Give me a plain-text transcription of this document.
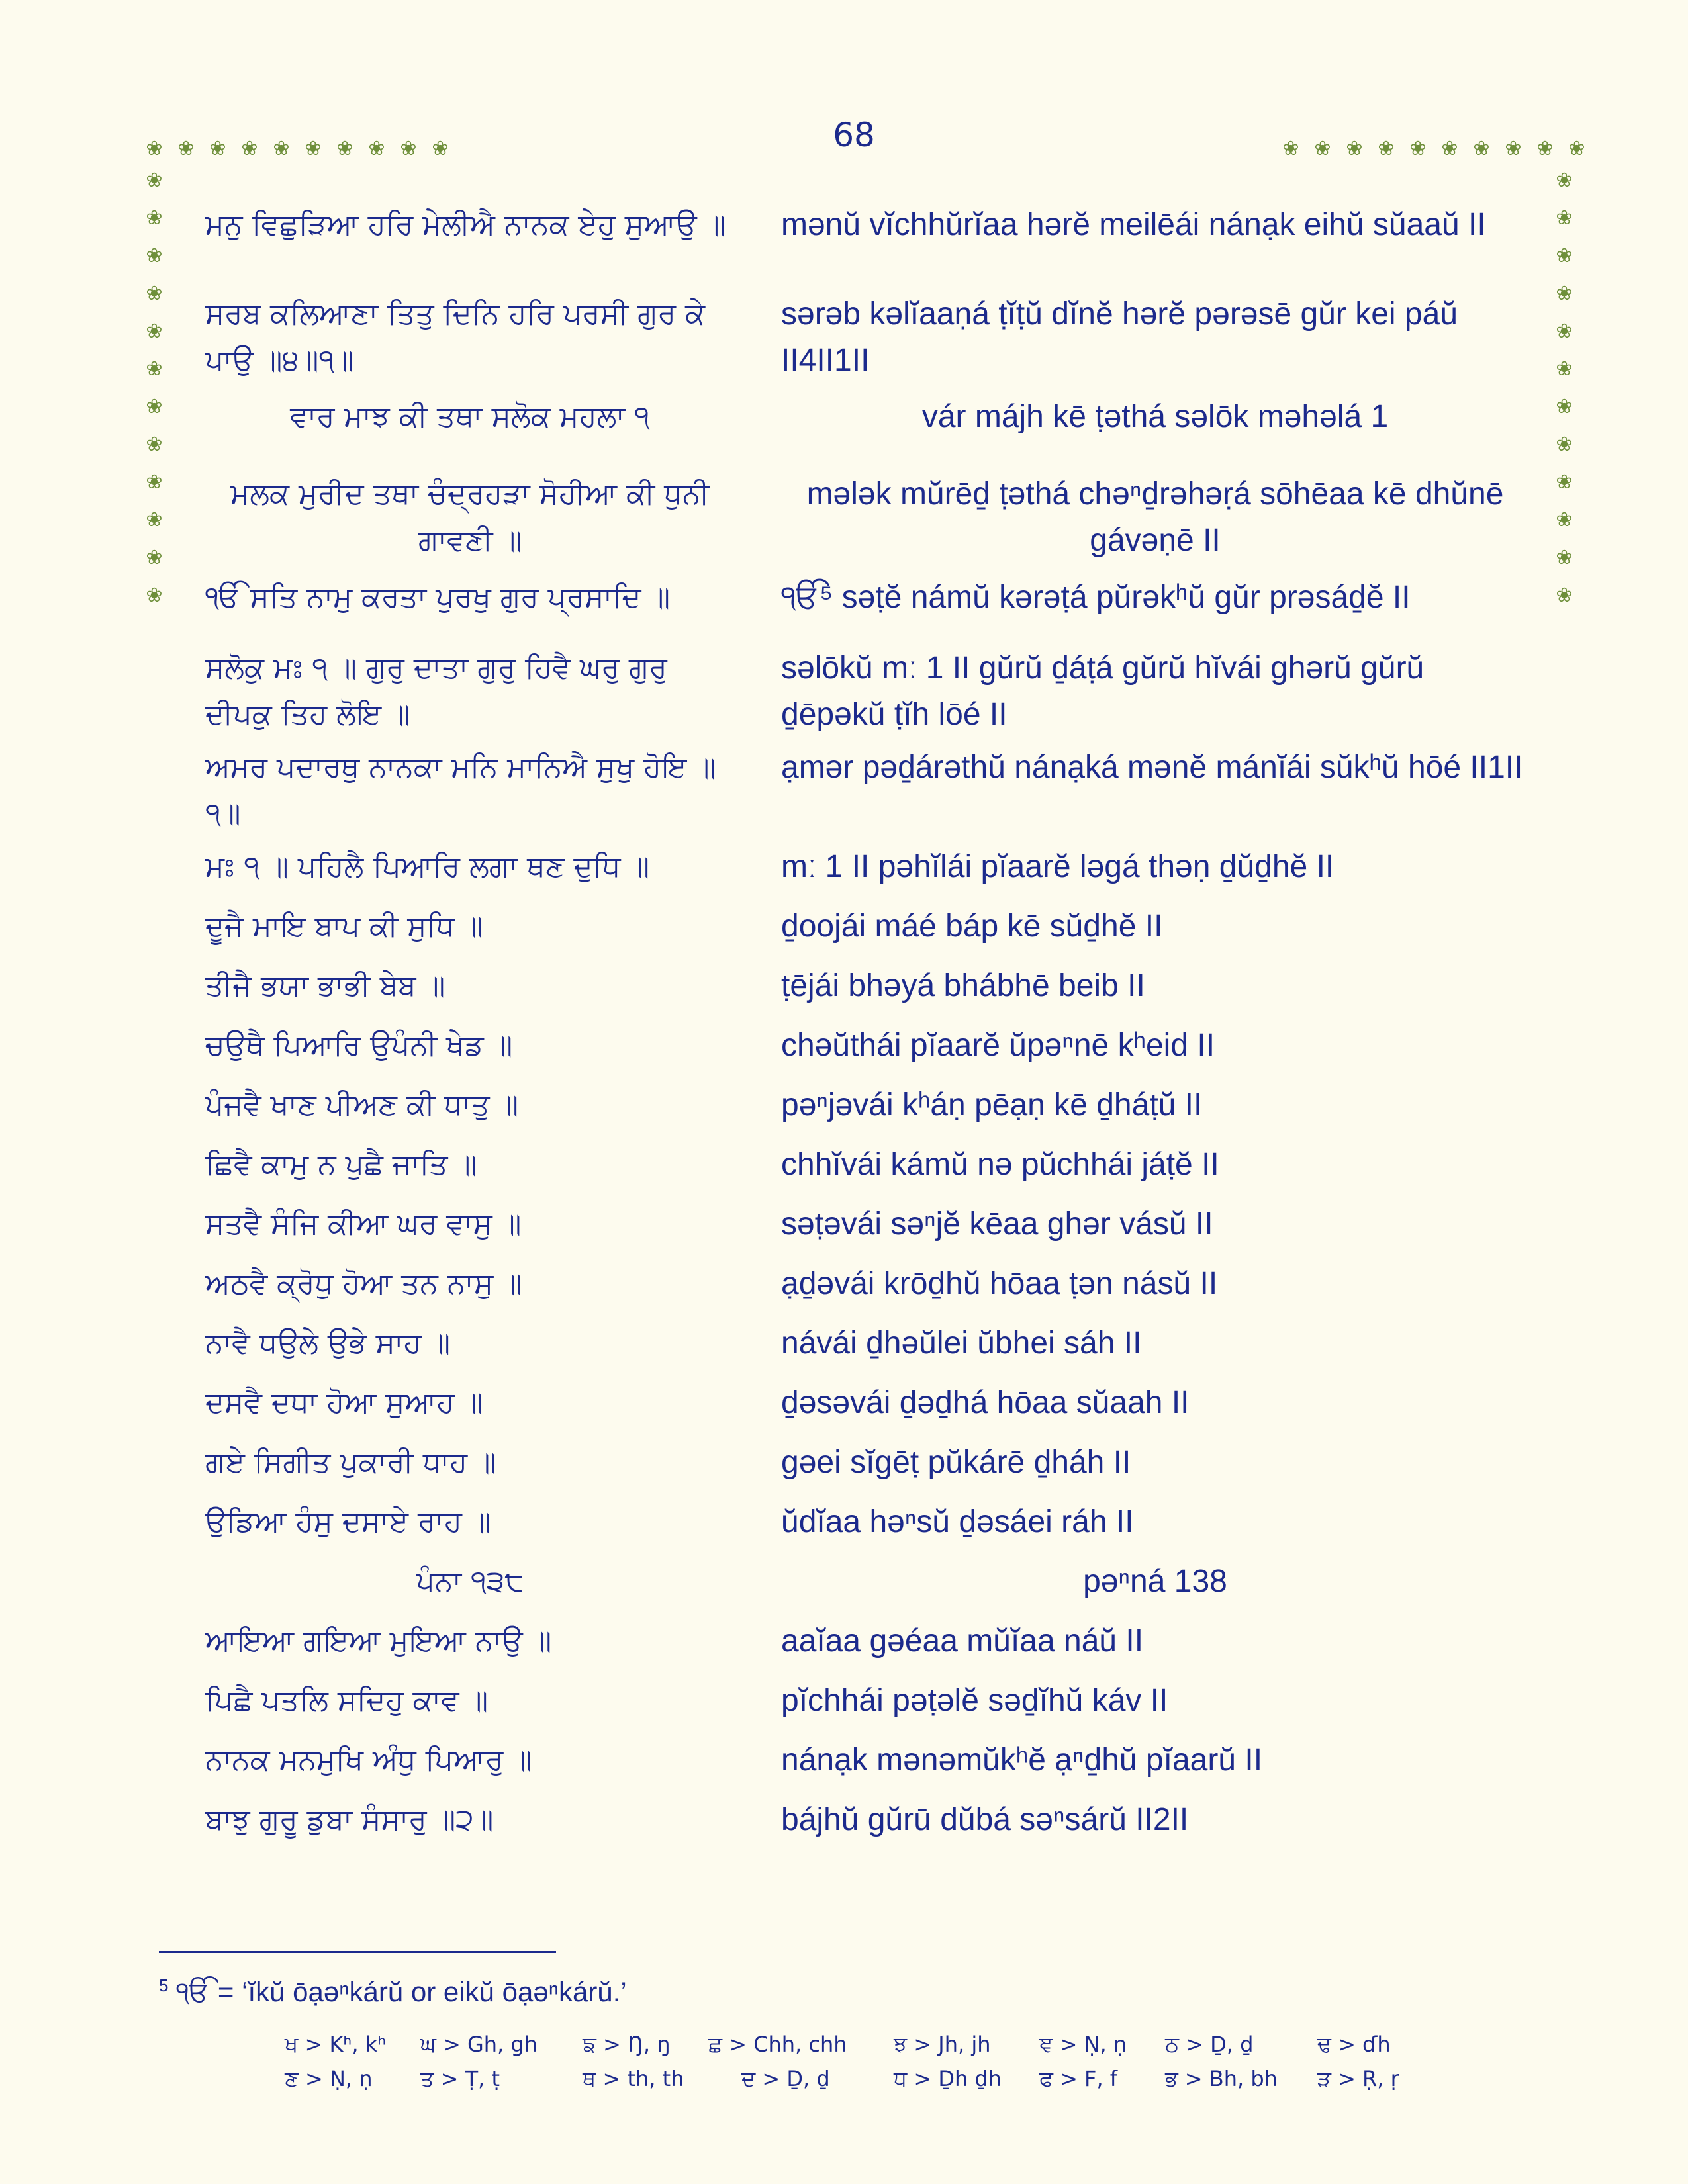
68
❀ ❀ ❀ ❀ ❀ ❀ ❀ ❀ ❀ ❀	❀ ❀ ❀ ❀ ❀ ❀ ❀ ❀ ❀ ❀
❀
❀
❀
❀
❀
❀
❀
❀
❀
❀
❀
❀
❀
❀
❀
❀
❀
❀
❀
❀
❀
❀
❀
❀
ਮਨੁ ਵਿਛੁੜਿਆ ਹਰਿ ਮੇਲੀਐ ਨਾਨਕ ਏਹੁ ਸੁਆਉ ॥ mənŭ vĭchhŭrĭaa hərĕ meilēái nánạk eihŭ sŭaaŭ II
ਸਰਬ ਕਲਿਆਣਾ ਤਿਤੁ ਦਿਨਿ ਹਰਿ ਪਰਸੀ ਗੁਰ ਕੇ ਪਾਉ ॥੪॥੧॥
sərəb kəlĭaaṇá ṭĭṭŭ dĭnĕ hərĕ pərəsē gŭr kei páŭ II4II1II
ਵਾਰ ਮਾਝ ਕੀ ਤਥਾ ਸਲੋਕ ਮਹਲਾ ੧	vár májh kē ṭəthá səlōk məhəlá 1
ਮਲਕ ਮੁਰੀਦ ਤਥਾ ਚੰਦ੍ਰਹੜਾ ਸੋਹੀਆ ਕੀ ਧੁਨੀ ਗਾਵਣੀ ॥
mələk mŭrēḏ ṭəthá chəⁿḏrəhəṛá sōhēaa kē dhŭnē gávəṇē II
ੴ ਸਤਿ ਨਾਮੁ ਕਰਤਾ ਪੁਰਖੁ ਗੁਰ ਪ੍ਰਸਾਦਿ ॥	ੴ⁵ səṭĕ námŭ kərəṭá pŭrəkʰŭ gŭr prəsáḏĕ II
ਸਲੋਕੁ ਮਃ ੧ ॥ ਗੁਰੁ ਦਾਤਾ ਗੁਰੁ ਹਿਵੈ ਘਰੁ ਗੁਰੁ ਦੀਪਕੁ ਤਿਹ ਲੋਇ ॥
səlōkŭ mː 1 II gŭrŭ ḏáṭá gŭrŭ hĭvái ghərŭ gŭrŭ ḏēpəkŭ ṭĭh lōé II
ਅਮਰ ਪਦਾਰਥੁ ਨਾਨਕਾ ਮਨਿ ਮਾਨਿਐ ਸੁਖੁ ਹੋਇ ॥੧॥
ạmər pəḏárəthŭ nánạká mənĕ mánĭái sŭkʰŭ hōé II1II
ਮਃ ੧ ॥ ਪਹਿਲੈ ਪਿਆਰਿ ਲਗਾ ਥਣ ਦੁਧਿ ॥	mː 1 II pəhĭlái pĭaarĕ ləgá thəṇ ḏŭḏhĕ II
ਦੂਜੈ ਮਾਇ ਬਾਪ ਕੀ ਸੁਧਿ ॥	ḏoojái máé báp kē sŭḏhĕ II
ਤੀਜੈ ਭਯਾ ਭਾਭੀ ਬੇਬ ॥	ṭējái bhəyá bhábhē beib II
ਚਉਥੈ ਪਿਆਰਿ ਉਪੰਨੀ ਖੇਡ ॥	chəŭthái pĭaarĕ ŭpəⁿnē kʰeid II
ਪੰਜਵੈ ਖਾਣ ਪੀਅਣ ਕੀ ਧਾਤੁ ॥	pəⁿjəvái kʰáṇ pēạṇ kē ḏháṭŭ II
ਛਿਵੈ ਕਾਮੁ ਨ ਪੁਛੈ ਜਾਤਿ ॥	chhĭvái kámŭ nə pŭchhái jáṭĕ II
ਸਤਵੈ ਸੰਜਿ ਕੀਆ ਘਰ ਵਾਸੁ ॥	səṭəvái səⁿjĕ kēaa ghər vásŭ II
ਅਠਵੈ ਕ੍ਰੋਧੁ ਹੋਆ ਤਨ ਨਾਸੁ ॥	ạḏəvái krōḏhŭ hōaa ṭən násŭ II
ਨਾਵੈ ਧਉਲੇ ਉਭੇ ਸਾਹ ॥	návái ḏhəŭlei ŭbhei sáh II
ਦਸਵੈ ਦਧਾ ਹੋਆ ਸੁਆਹ ॥	ḏəsəvái ḏəḏhá hōaa sŭaah II
ਗਏ ਸਿਗੀਤ ਪੁਕਾਰੀ ਧਾਹ ॥	gəei sĭgēṭ pŭkárē ḏháh II
ਉਡਿਆ ਹੰਸੁ ਦਸਾਏ ਰਾਹ ॥	ŭdĭaa həⁿsŭ ḏəsáei ráh II
ਪੰਨਾ ੧੩੮	pəⁿná 138
ਆਇਆ ਗਇਆ ਮੁਇਆ ਨਾਉ ॥	aaĭaa gəéaa mŭĭaa náŭ II
ਪਿਛੈ ਪਤਲਿ ਸਦਿਹੁ ਕਾਵ ॥	pĭchhái pəṭəlĕ səḏĭhŭ káv II
ਨਾਨਕ ਮਨਮੁਖਿ ਅੰਧੁ ਪਿਆਰੁ ॥	nánạk mənəmŭkʰĕ ạⁿḏhŭ pĭaarŭ II
ਬਾਝੁ ਗੁਰੂ ਡੁਬਾ ਸੰਸਾਰੁ ॥੨॥	bájhŭ gŭrū dŭbá səⁿsárŭ II2II
$^5$ ੴ = ‘ĭkŭ ōạəⁿkárŭ or eikŭ ōạəⁿkárŭ.’
ਖ > Kʰ, kʰ ਘ > Gh, gh ਙ > Ŋ, ŋ ਛ > Chh, chh ਝ > Jh, jh ਞ > Ṇ, ṇ ਠ > Ḏ, ḏ	ਢ > ɗh
ਣ > Ṇ, ṇ ਤ > Ṭ, ṭ	ਥ > th, th	ਦ > Ḏ, ḏ	ਧ > Ḏh ḏh ਫ > F, f ਭ > Bh, bh ੜ > Ṛ, ṛ
